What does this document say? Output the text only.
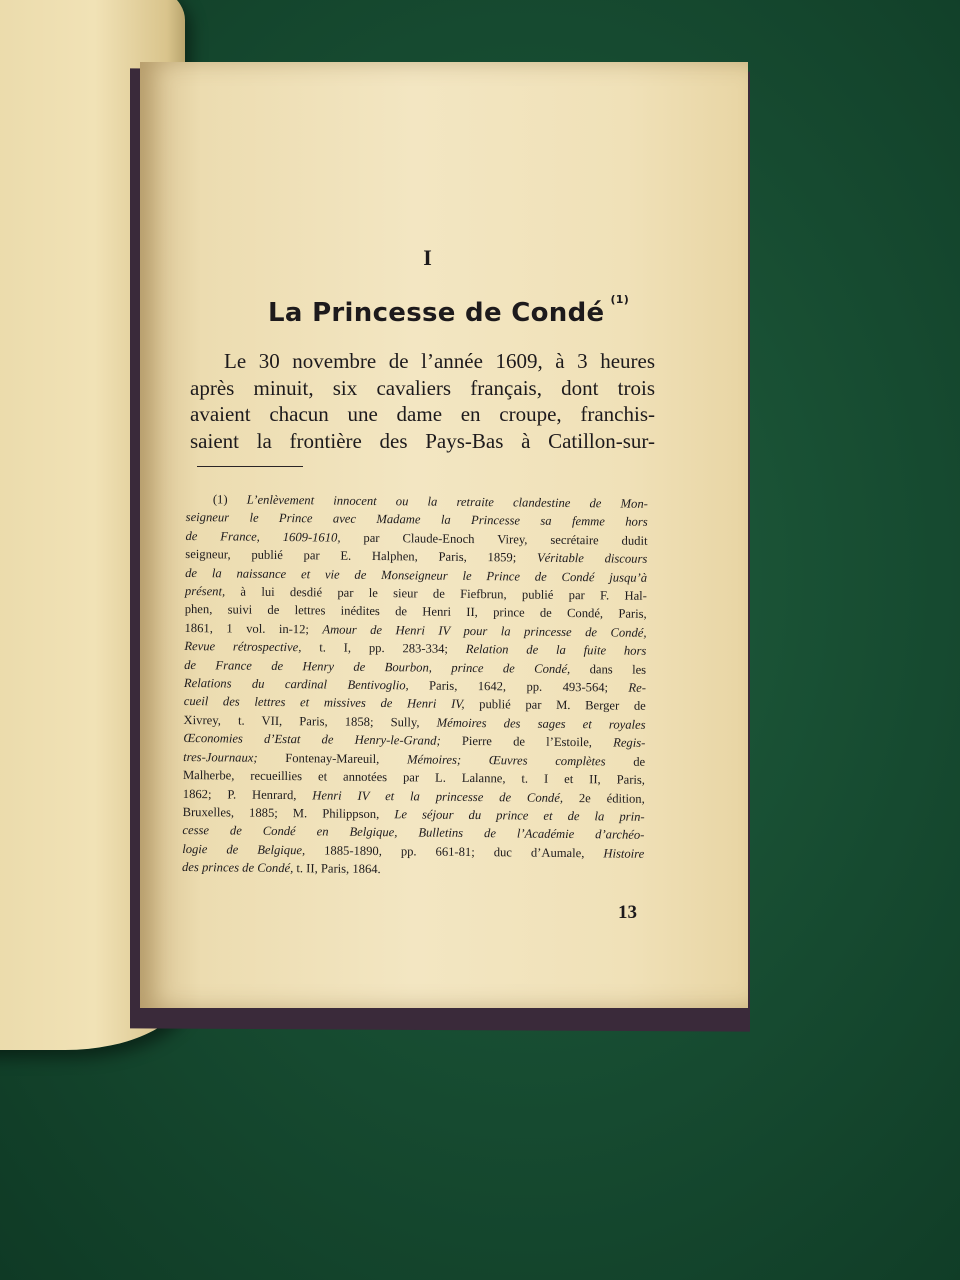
I
La Princesse de Condé $^{(1)}$
Le 30 novembre de l’année 1609, à 3 heures
après minuit, six cavaliers français, dont trois
avaient chacun une dame en croupe, franchis-
saient la frontière des Pays-Bas à Catillon-sur-
(1) L’enlèvement innocent ou la retraite clandestine de Mon-
seigneur le Prince avec Madame la Princesse sa femme hors
de France, 1609-1610, par Claude-Enoch Virey, secrétaire dudit
seigneur, publié par E. Halphen, Paris, 1859; Véritable discours
de la naissance et vie de Monseigneur le Prince de Condé jusqu’à
présent, à lui desdié par le sieur de Fiefbrun, publié par F. Hal-
phen, suivi de lettres inédites de Henri II, prince de Condé, Paris,
1861, 1 vol. in-12; Amour de Henri IV pour la princesse de Condé,
Revue rétrospective, t. I, pp. 283-334; Relation de la fuite hors
de France de Henry de Bourbon, prince de Condé, dans les
Relations du cardinal Bentivoglio, Paris, 1642, pp. 493-564; Re-
cueil des lettres et missives de Henri IV, publié par M. Berger de
Xivrey, t. VII, Paris, 1858; Sully, Mémoires des sages et royales
Œconomies d’Estat de Henry-le-Grand; Pierre de l’Estoile, Regis-
tres-Journaux; Fontenay-Mareuil, Mémoires; Œuvres complètes de
Malherbe, recueillies et annotées par L. Lalanne, t. I et II, Paris,
1862; P. Henrard, Henri IV et la princesse de Condé, 2e édition,
Bruxelles, 1885; M. Philippson, Le séjour du prince et de la prin-
cesse de Condé en Belgique, Bulletins de l’Académie d’archéo-
logie de Belgique, 1885-1890, pp. 661-81; duc d’Aumale, Histoire
des princes de Condé, t. II, Paris, 1864.
13
